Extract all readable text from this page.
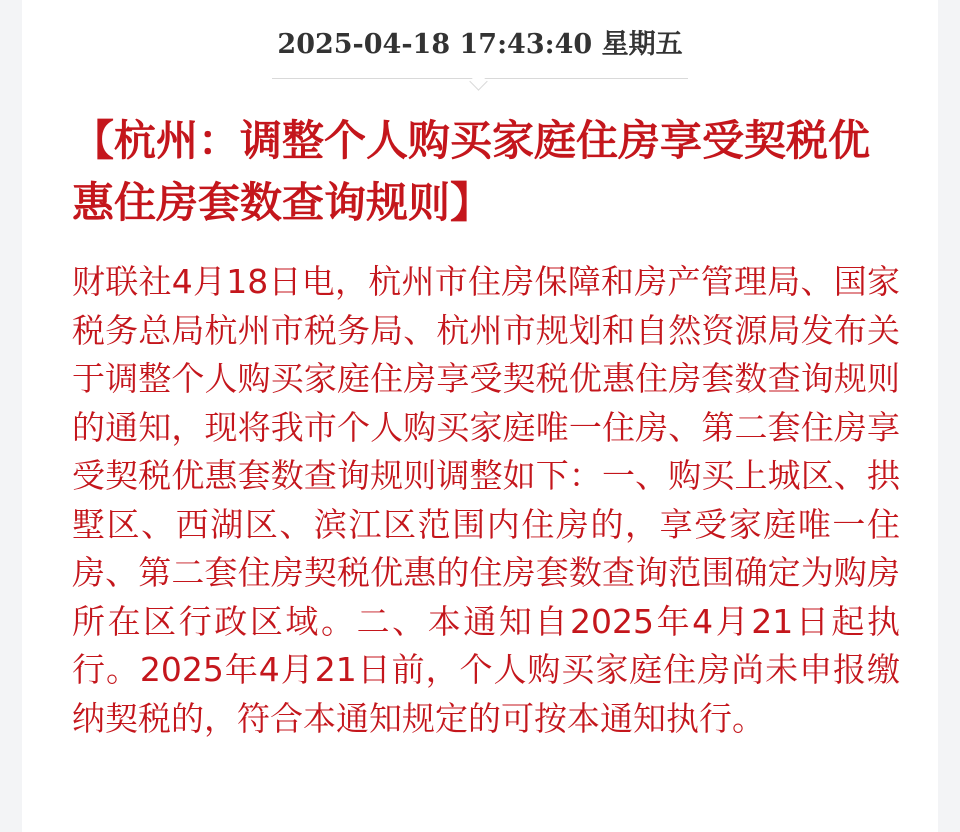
2025-04-18 17:43:40 星期五
【杭州：调整个人购买家庭住房享受契税优惠住房套数查询规则】

财联社4月18日电，杭州市住房保障和房产管理局、国家税务总局杭州市税务局、杭州市规划和自然资源局发布关于调整个人购买家庭住房享受契税优惠住房套数查询规则的通知，现将我市个人购买家庭唯一住房、第二套住房享受契税优惠套数查询规则调整如下：一、购买上城区、拱墅区、西湖区、滨江区范围内住房的，享受家庭唯一住房、第二套住房契税优惠的住房套数查询范围确定为购房所在区行政区域。二、本通知自2025年4月21日起执行。2025年4月21日前，个人购买家庭住房尚未申报缴纳契税的，符合本通知规定的可按本通知执行。
